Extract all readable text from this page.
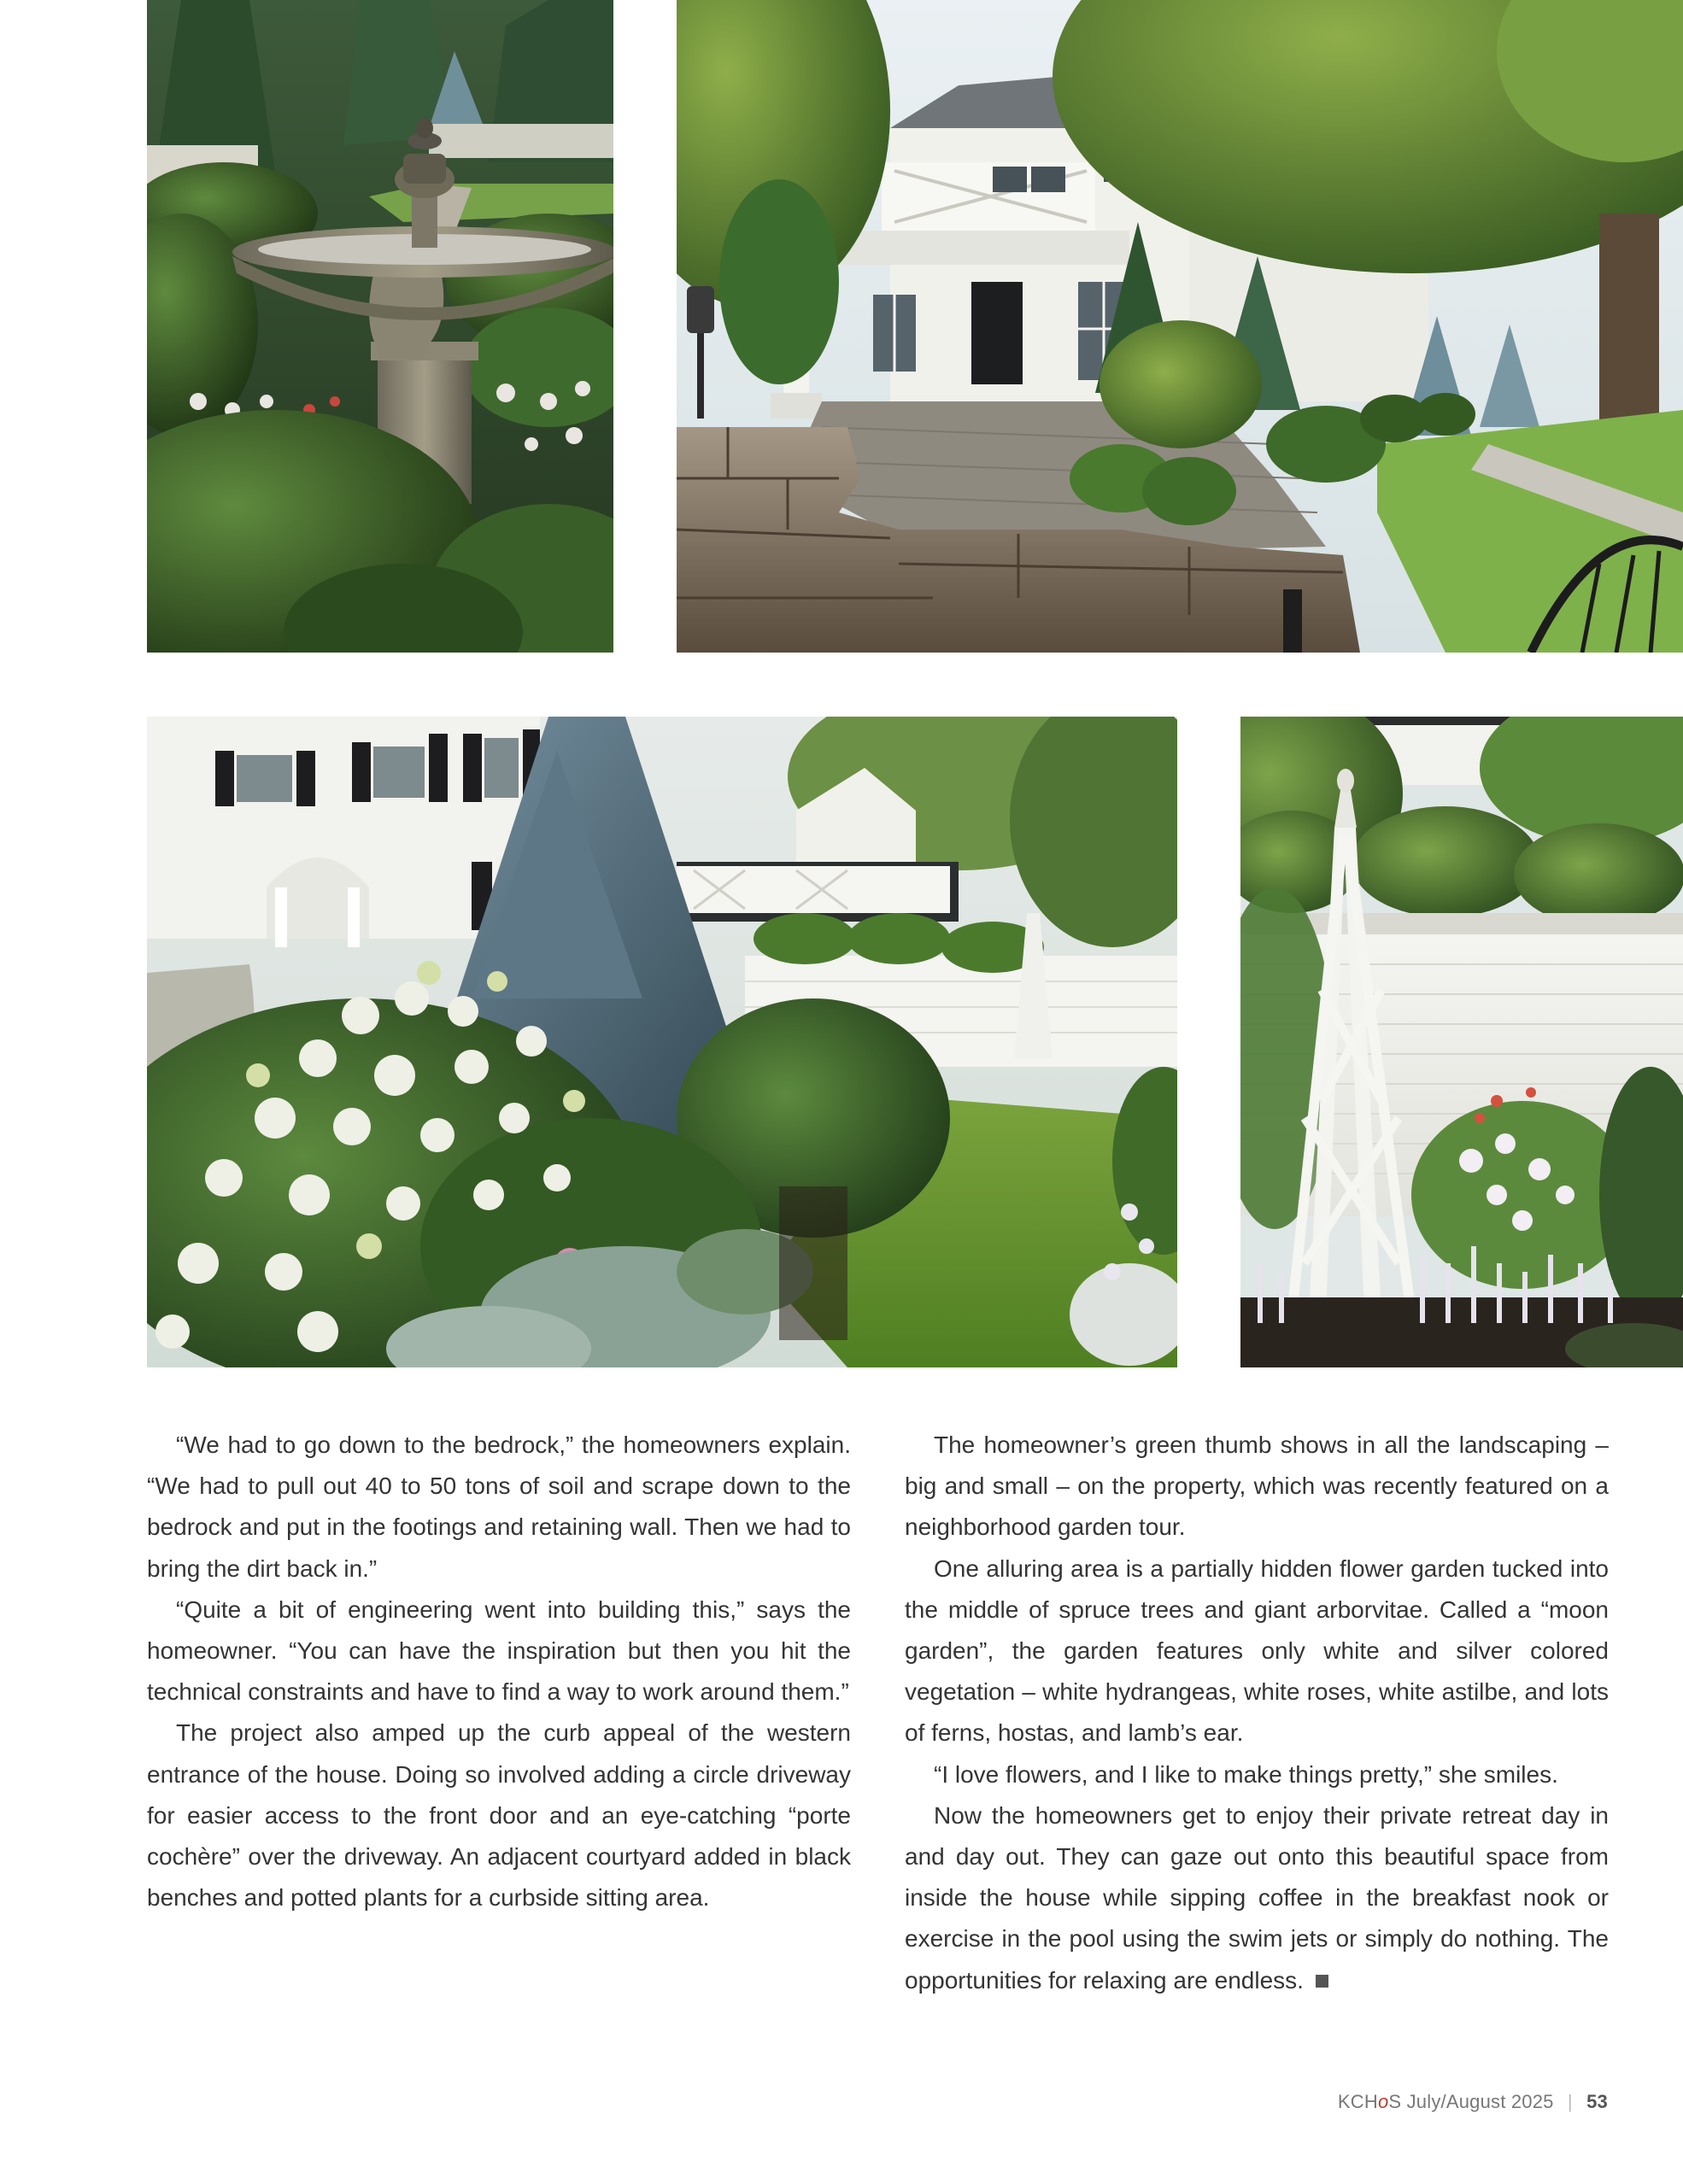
“We had to go down to the bedrock,” the homeowners explain. “We had to pull out 40 to 50 tons of soil and scrape down to the bedrock and put in the footings and retaining wall. Then we had to bring the dirt back in.”

“Quite a bit of engineering went into building this,” says the homeowner. “You can have the inspiration but then you hit the technical constraints and have to find a way to work around them.”

The project also amped up the curb appeal of the western entrance of the house. Doing so involved adding a circle driveway for easier access to the front door and an eye-catching “porte cochère” over the driveway. An adjacent courtyard added in black benches and potted plants for a curbside sitting area.

The homeowner’s green thumb shows in all the landscaping – big and small – on the property, which was recently featured on a neighborhood garden tour.

One alluring area is a partially hidden flower garden tucked into the middle of spruce trees and giant arborvitae. Called a “moon garden”, the garden features only white and silver colored vegetation – white hydrangeas, white roses, white astilbe, and lots of ferns, hostas, and lamb’s ear.

“I love flowers, and I like to make things pretty,” she smiles.

Now the homeowners get to enjoy their private retreat day in and day out. They can gaze out onto this beautiful space from inside the house while sipping coffee in the breakfast nook or exercise in the pool using the swim jets or simply do nothing. The opportunities for relaxing are endless.

KCHoS July/August 2025 | 53
